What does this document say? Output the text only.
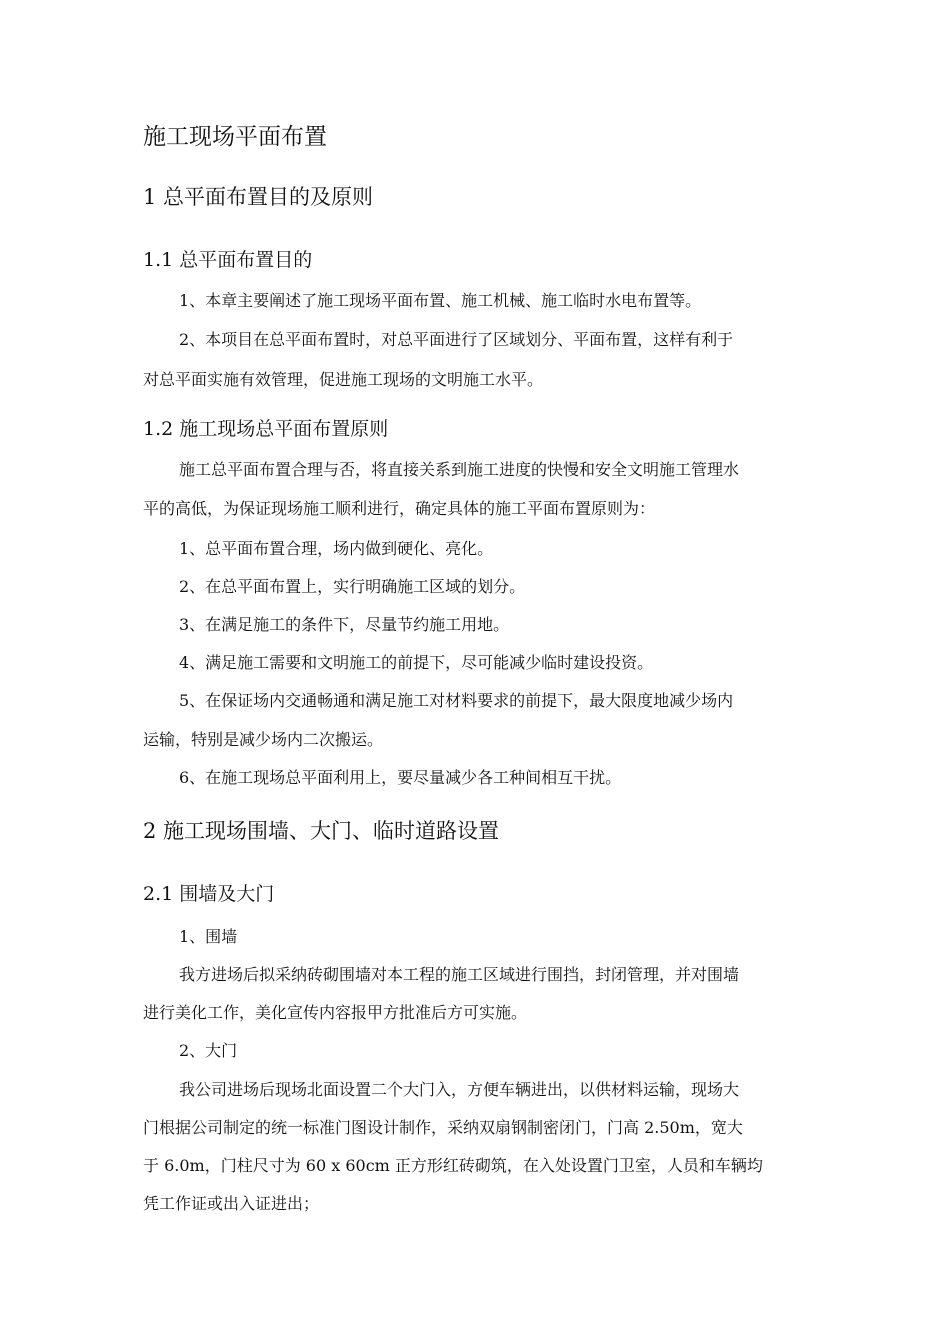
施工现场平面布置

1 总平面布置目的及原则

1.1 总平面布置目的

1、本章主要阐述了施工现场平面布置、施工机械、施工临时水电布置等。

2、本项目在总平面布置时，对总平面进行了区域划分、平面布置，这样有利于

对总平面实施有效管理，促进施工现场的文明施工水平。

1.2 施工现场总平面布置原则

施工总平面布置合理与否，将直接关系到施工进度的快慢和安全文明施工管理水

平的高低，为保证现场施工顺利进行，确定具体的施工平面布置原则为：

1、总平面布置合理，场内做到硬化、亮化。

2、在总平面布置上，实行明确施工区域的划分。

3、在满足施工的条件下，尽量节约施工用地。

4、满足施工需要和文明施工的前提下，尽可能减少临时建设投资。

5、在保证场内交通畅通和满足施工对材料要求的前提下，最大限度地减少场内

运输，特别是减少场内二次搬运。

6、在施工现场总平面利用上，要尽量减少各工种间相互干扰。

2 施工现场围墙、大门、临时道路设置

2.1 围墙及大门

1、围墙

我方进场后拟采纳砖砌围墙对本工程的施工区域进行围挡，封闭管理，并对围墙

进行美化工作，美化宣传内容报甲方批准后方可实施。

2、大门

我公司进场后现场北面设置二个大门入，方便车辆进出，以供材料运输，现场大

门根据公司制定的统一标准门图设计制作，采纳双扇钢制密闭门，门高 2.50m，宽大

于 6.0m，门柱尺寸为 60 x 60cm 正方形红砖砌筑，在入处设置门卫室，人员和车辆均

凭工作证或出入证进出；
